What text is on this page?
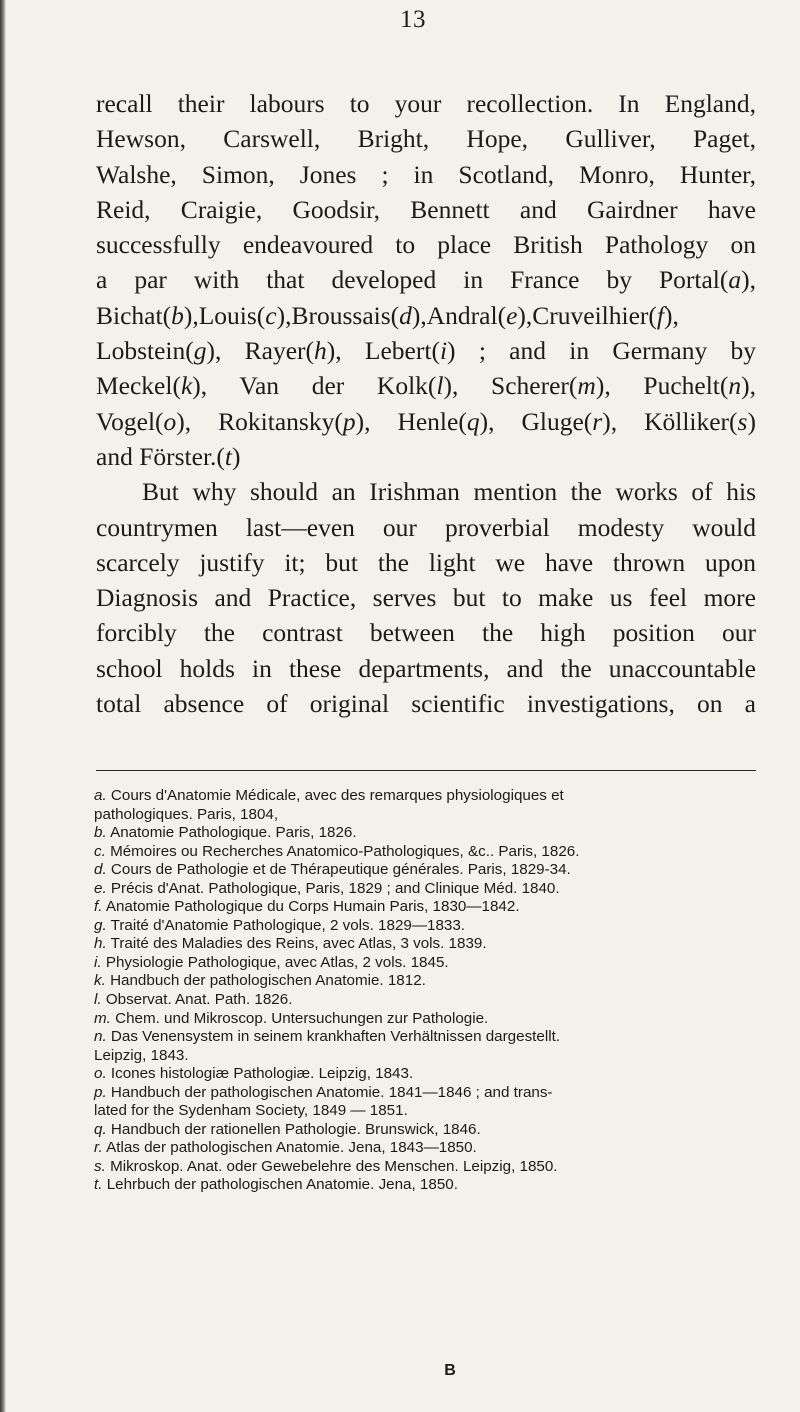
13

recall their labours to your recollection. In England,
Hewson, Carswell, Bright, Hope, Gulliver, Paget,
Walshe, Simon, Jones ; in Scotland, Monro, Hunter,
Reid, Craigie, Goodsir, Bennett and Gairdner have
successfully endeavoured to place British Pathology on
a par with that developed in France by Portal(a),
Bichat(b),Louis(c),Broussais(d),Andral(e),Cruveilhier(f),
Lobstein(g), Rayer(h), Lebert(i) ; and in Germany by
Meckel(k), Van der Kolk(l), Scherer(m), Puchelt(n),
Vogel(o), Rokitansky(p), Henle(q), Gluge(r), Kölliker(s)
and Förster.(t)

But why should an Irishman mention the works of his

countrymen last—even our proverbial modesty would
scarcely justify it; but the light we have thrown upon
Diagnosis and Practice, serves but to make us feel more
forcibly the contrast between the high position our
school holds in these departments, and the unaccountable
total absence of original scientific investigations, on a

a. Cours d'Anatomie Médicale, avec des remarques physiologiques et
pathologiques. Paris, 1804,
b. Anatomie Pathologique. Paris, 1826.
c. Mémoires ou Recherches Anatomico-Pathologiques, &c.. Paris, 1826.
d. Cours de Pathologie et de Thérapeutique générales. Paris, 1829-34.
e. Précis d'Anat. Pathologique, Paris, 1829 ; and Clinique Méd. 1840.
f. Anatomie Pathologique du Corps Humain Paris, 1830—1842.
g. Traité d'Anatomie Pathologique, 2 vols. 1829—1833.
h. Traité des Maladies des Reins, avec Atlas, 3 vols. 1839.
i. Physiologie Pathologique, avec Atlas, 2 vols. 1845.
k. Handbuch der pathologischen Anatomie. 1812.
l. Observat. Anat. Path. 1826.
m. Chem. und Mikroscop. Untersuchungen zur Pathologie.
n. Das Venensystem in seinem krankhaften Verhältnissen dargestellt.
Leipzig, 1843.
o. Icones histologiæ Pathologiæ. Leipzig, 1843.
p. Handbuch der pathologischen Anatomie. 1841—1846 ; and trans-
lated for the Sydenham Society, 1849 — 1851.
q. Handbuch der rationellen Pathologie. Brunswick, 1846.
r. Atlas der pathologischen Anatomie. Jena, 1843—1850.
s. Mikroskop. Anat. oder Gewebelehre des Menschen. Leipzig, 1850.
t. Lehrbuch der pathologischen Anatomie. Jena, 1850.
B
